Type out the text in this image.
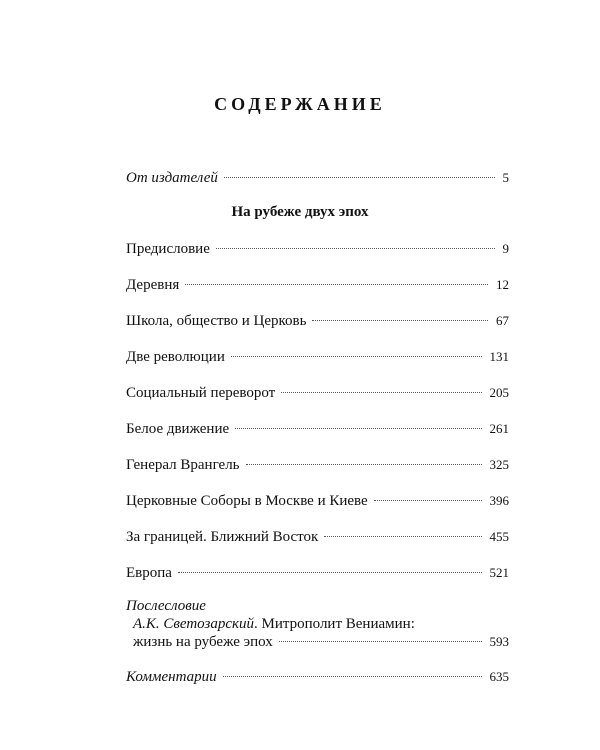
СОДЕРЖАНИЕ
От издателей	5
На рубеже двух эпох
Предисловие	9
Деревня	12
Школа, общество и Церковь	67
Две революции	131
Социальный переворот	205
Белое движение	261
Генерал Врангель	325
Церковные Соборы в Москве и Киеве	396
За границей. Ближний Восток	455
Европа	521
Послесловие
А.К. Светозарский. Митрополит Вениамин:
жизнь на рубеже эпох	593
Комментарии	635
